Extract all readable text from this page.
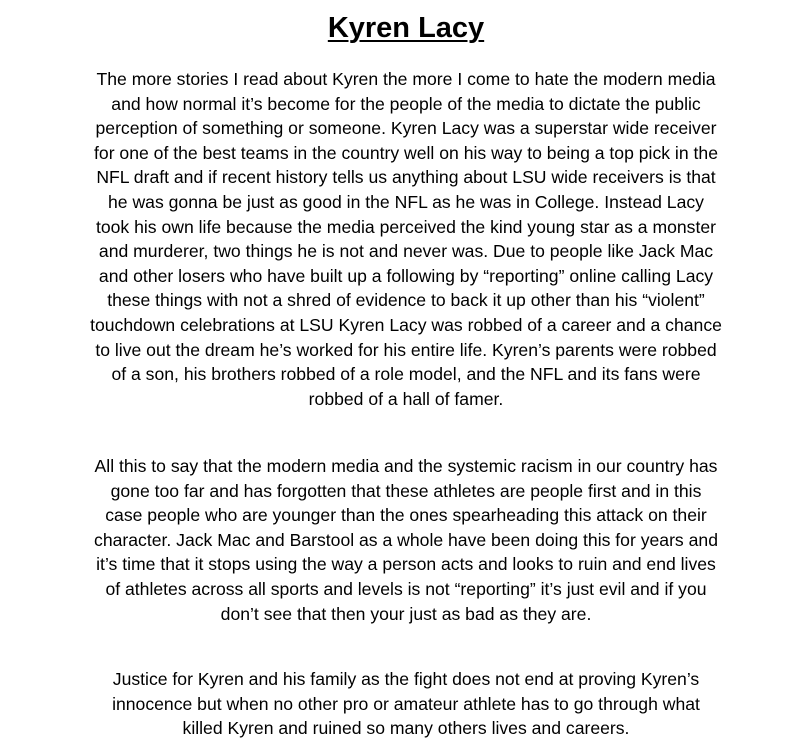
Kyren Lacy

The more stories I read about Kyren the more I come to hate the modern media and how normal it’s become for the people of the media to dictate the public perception of something or someone. Kyren Lacy was a superstar wide receiver for one of the best teams in the country well on his way to being a top pick in the NFL draft and if recent history tells us anything about LSU wide receivers is that he was gonna be just as good in the NFL as he was in College. Instead Lacy took his own life because the media perceived the kind young star as a monster and murderer, two things he is not and never was. Due to people like Jack Mac and other losers who have built up a following by “reporting” online calling Lacy these things with not a shred of evidence to back it up other than his “violent” touchdown celebrations at LSU Kyren Lacy was robbed of a career and a chance to live out the dream he’s worked for his entire life. Kyren’s parents were robbed of a son, his brothers robbed of a role model, and the NFL and its fans were robbed of a hall of famer.

All this to say that the modern media and the systemic racism in our country has gone too far and has forgotten that these athletes are people first and in this case people who are younger than the ones spearheading this attack on their character. Jack Mac and Barstool as a whole have been doing this for years and it’s time that it stops using the way a person acts and looks to ruin and end lives of athletes across all sports and levels is not “reporting” it’s just evil and if you don’t see that then your just as bad as they are.

Justice for Kyren and his family as the fight does not end at proving Kyren’s innocence but when no other pro or amateur athlete has to go through what killed Kyren and ruined so many others lives and careers.
